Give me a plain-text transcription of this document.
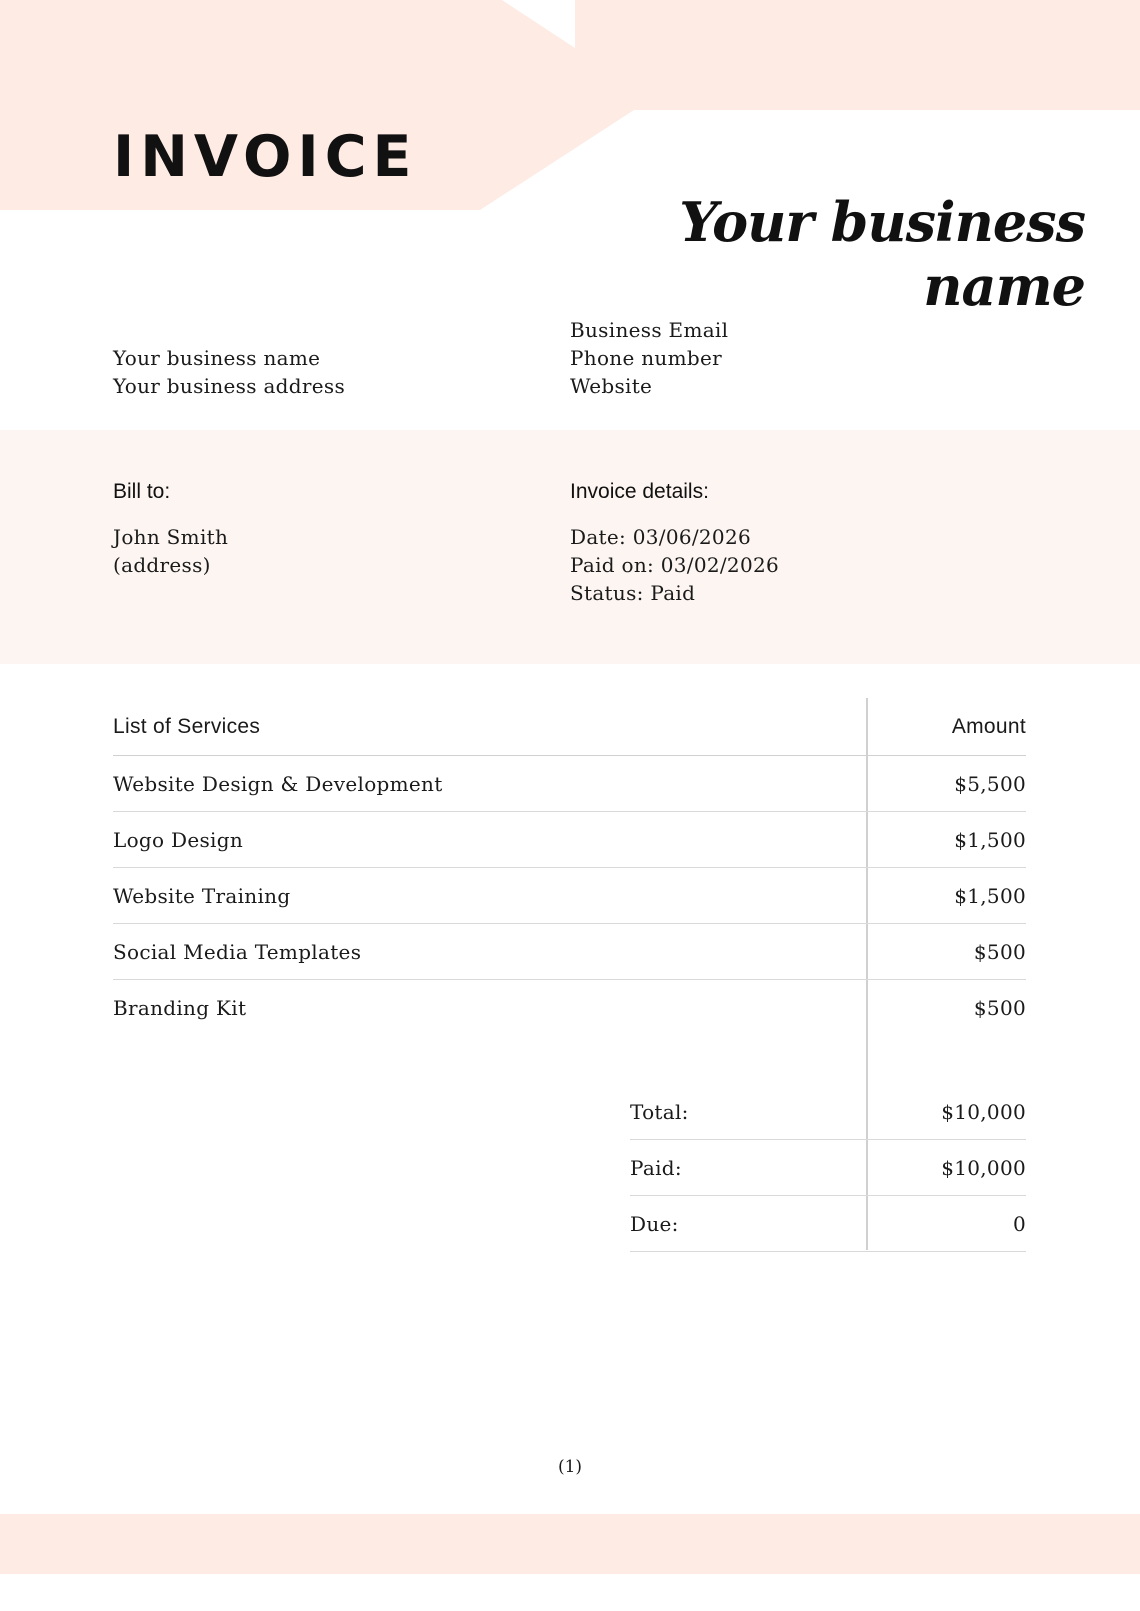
INVOICE
Your business name
Your business name
Your business address
Business Email
Phone number
Website
Bill to:
John Smith
(address)
Invoice details:
Date: 03/06/2026
Paid on: 03/02/2026
Status: Paid
List of Services	Amount
Website Design & Development	$5,500
Logo Design	$1,500
Website Training	$1,500
Social Media Templates	$500
Branding Kit	$500
Total:	$10,000
Paid:	$10,000
Due:	0
(1)
